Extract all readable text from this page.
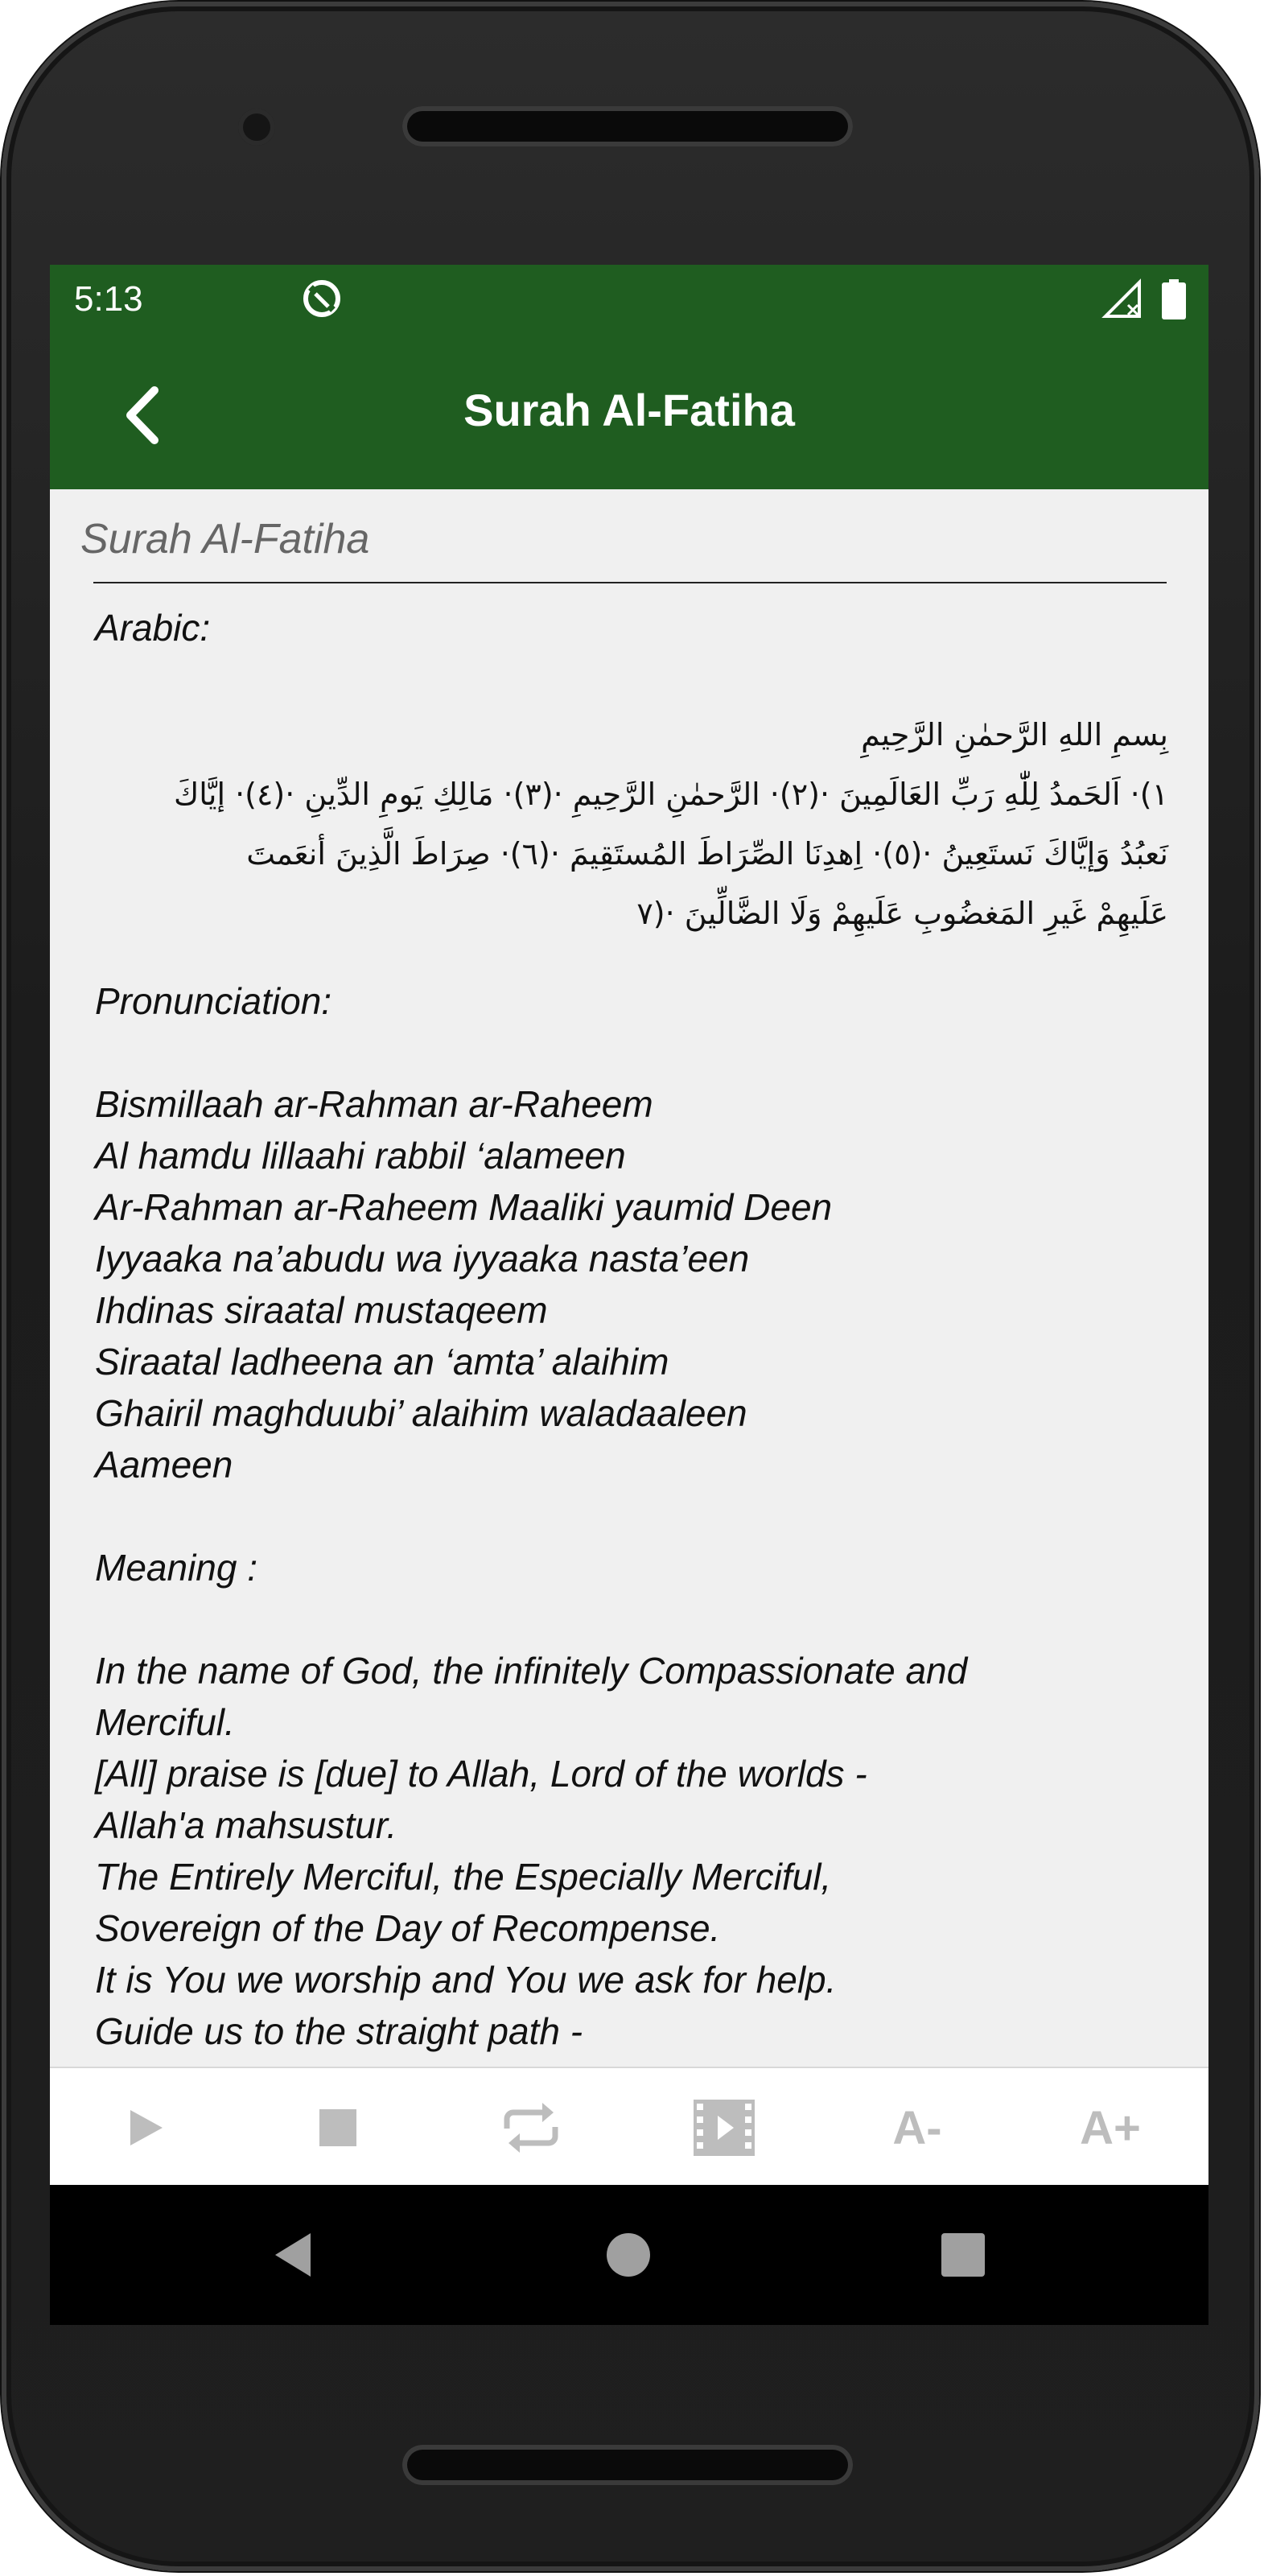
5:13
Surah Al-Fatiha
Surah Al-Fatiha
Arabic:
بِسمِ اللهِ الرَّحمٰنِ الرَّحِيمِ
١)· اَلحَمدُ لِلّٰهِ رَبِّ العَالَمِينَ ·(٢)· الرَّحمٰنِ الرَّحِيمِ ·(٣)· مَالِكِ يَومِ الدِّينِ ·(٤)· إيَّاكَ
نَعبُدُ وَإيَّاكَ نَستَعِينُ ·(٥)· اِهدِنَا الصِّرَاطَ المُستَقِيمَ ·(٦)· صِرَاطَ الَّذِينَ أنعَمتَ
عَلَيهِمْ غَيرِ المَغضُوبِ عَلَيهِمْ وَلَا الضَّالِّينَ ·(٧
Pronunciation:
Bismillaah ar-Rahman ar-Raheem
Al hamdu lillaahi rabbil ‘alameen
Ar-Rahman ar-Raheem Maaliki yaumid Deen
Iyyaaka na’abudu wa iyyaaka nasta’een
Ihdinas siraatal mustaqeem
Siraatal ladheena an ‘amta’ alaihim
Ghairil maghduubi’ alaihim waladaaleen
Aameen
Meaning :
In the name of God, the infinitely Compassionate and
Merciful.
[All] praise is [due] to Allah, Lord of the worlds -
Allah'a mahsustur.
The Entirely Merciful, the Especially Merciful,
Sovereign of the Day of Recompense.
It is You we worship and You we ask for help.
Guide us to the straight path -
A-	A+
